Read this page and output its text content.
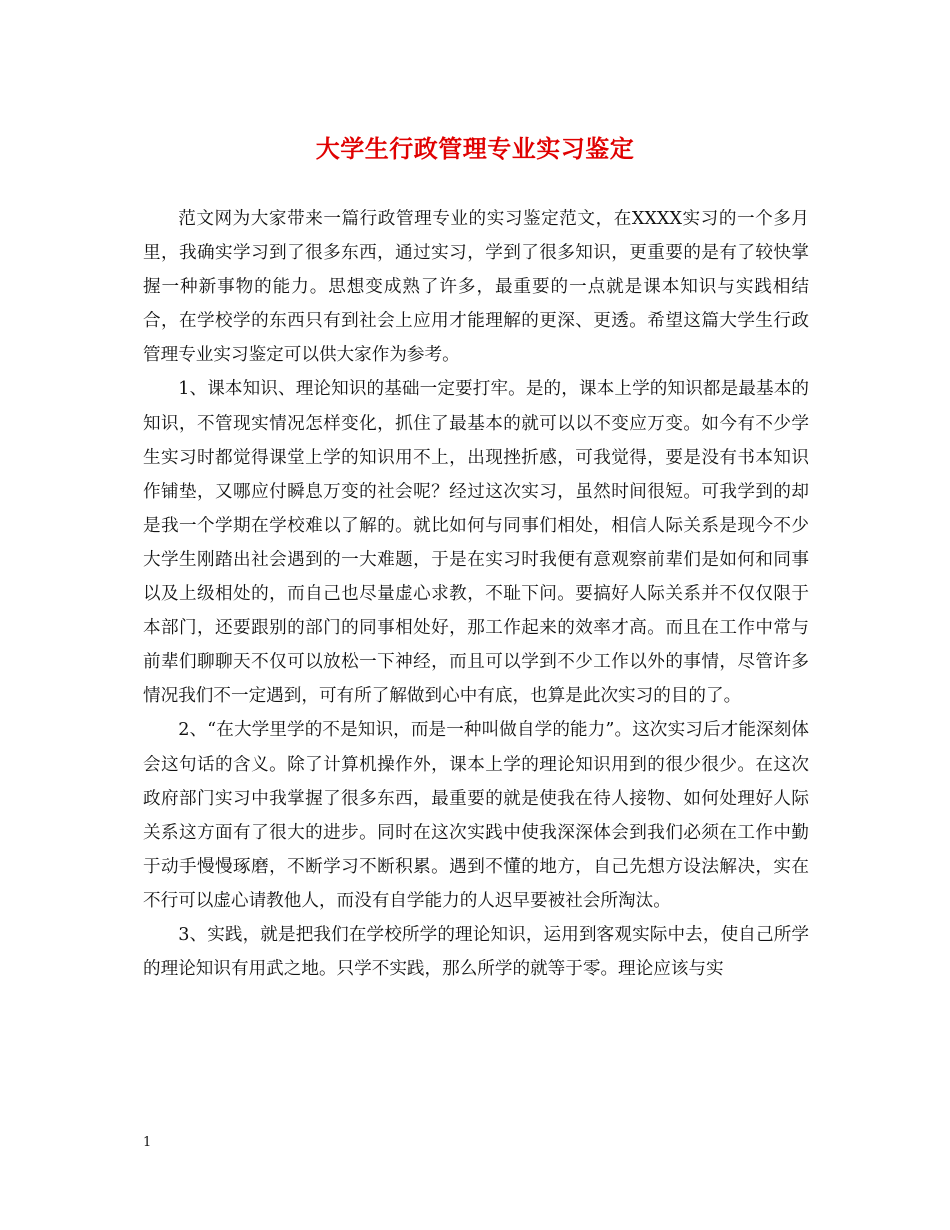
大学生行政管理专业实习鉴定

范文网为大家带来一篇行政管理专业的实习鉴定范文，在XXXX实习的一个多月里，我确实学习到了很多东西，通过实习，学到了很多知识，更重要的是有了较快掌握一种新事物的能力。思想变成熟了许多，最重要的一点就是课本知识与实践相结合，在学校学的东西只有到社会上应用才能理解的更深、更透。希望这篇大学生行政管理专业实习鉴定可以供大家作为参考。

1、课本知识、理论知识的基础一定要打牢。是的，课本上学的知识都是最基本的知识，不管现实情况怎样变化，抓住了最基本的就可以以不变应万变。如今有不少学生实习时都觉得课堂上学的知识用不上，出现挫折感，可我觉得，要是没有书本知识作铺垫，又哪应付瞬息万变的社会呢？经过这次实习，虽然时间很短。可我学到的却是我一个学期在学校难以了解的。就比如何与同事们相处，相信人际关系是现今不少大学生刚踏出社会遇到的一大难题，于是在实习时我便有意观察前辈们是如何和同事以及上级相处的，而自己也尽量虚心求教，不耻下问。要搞好人际关系并不仅仅限于本部门，还要跟别的部门的同事相处好，那工作起来的效率才高。而且在工作中常与前辈们聊聊天不仅可以放松一下神经，而且可以学到不少工作以外的事情，尽管许多情况我们不一定遇到，可有所了解做到心中有底，也算是此次实习的目的了。

2、“在大学里学的不是知识，而是一种叫做自学的能力”。这次实习后才能深刻体会这句话的含义。除了计算机操作外，课本上学的理论知识用到的很少很少。在这次政府部门实习中我掌握了很多东西，最重要的就是使我在待人接物、如何处理好人际关系这方面有了很大的进步。同时在这次实践中使我深深体会到我们必须在工作中勤于动手慢慢琢磨，不断学习不断积累。遇到不懂的地方，自己先想方设法解决，实在不行可以虚心请教他人，而没有自学能力的人迟早要被社会所淘汰。

3、实践，就是把我们在学校所学的理论知识，运用到客观实际中去，使自己所学的理论知识有用武之地。只学不实践，那么所学的就等于零。理论应该与实

1
